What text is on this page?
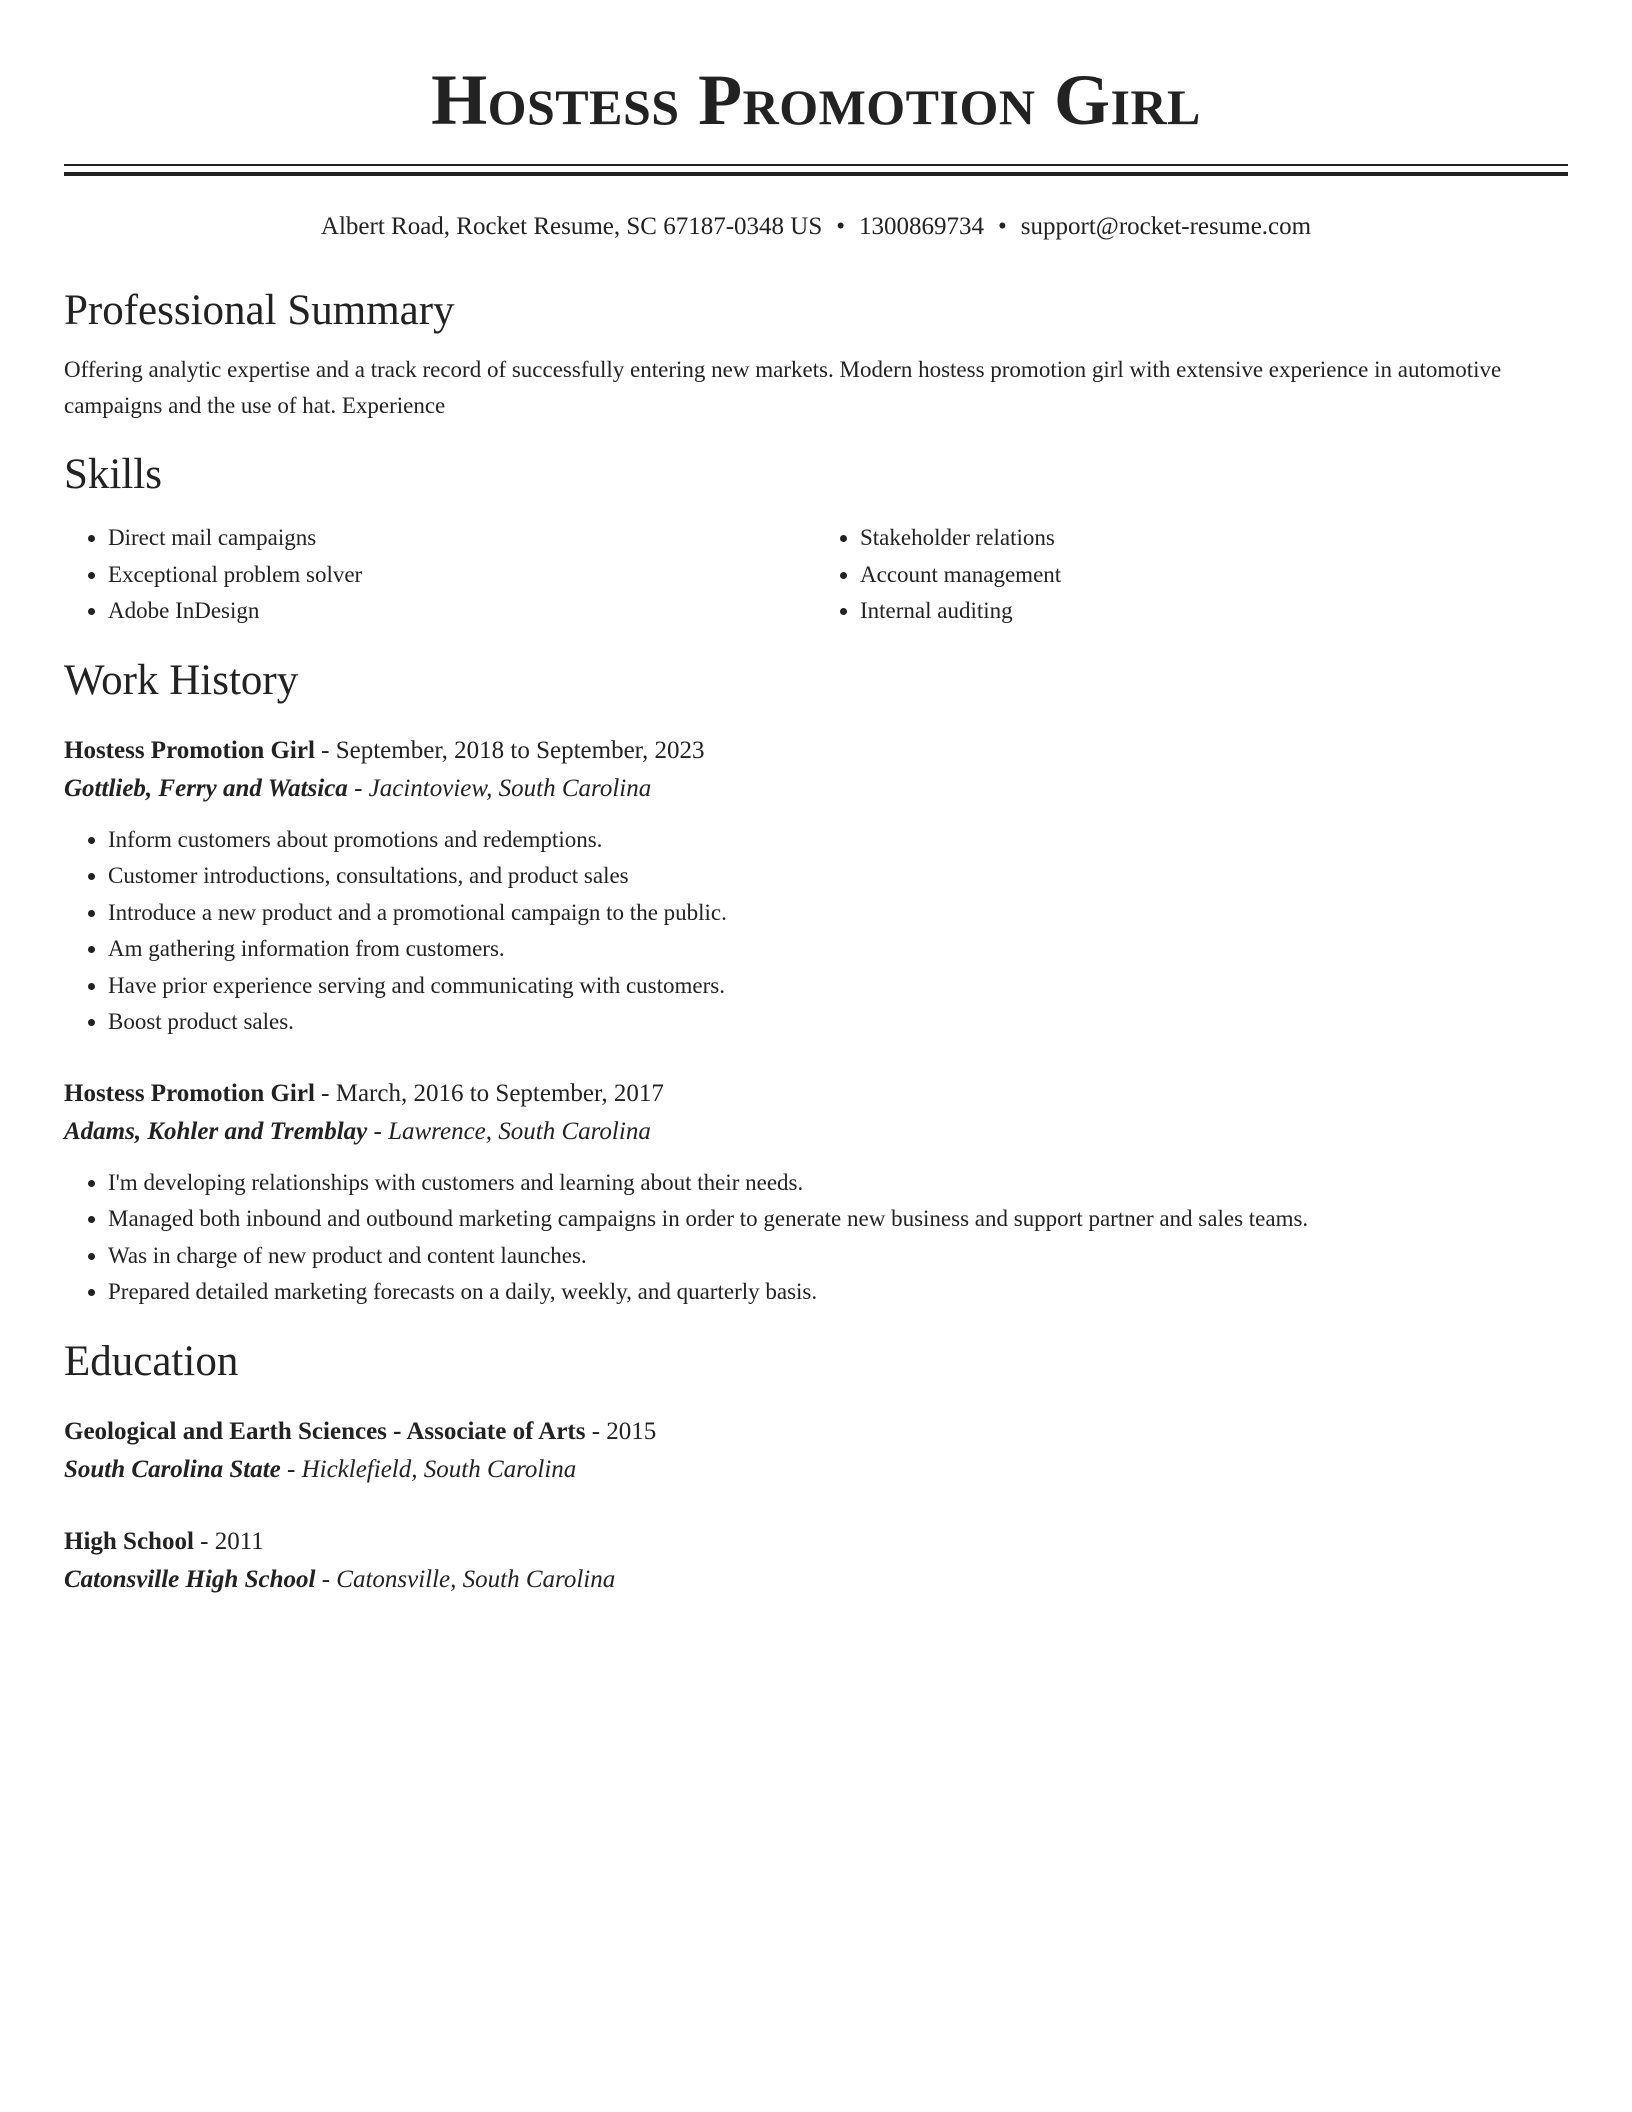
Hostess Promotion Girl
Albert Road, Rocket Resume, SC 67187-0348 US • 1300869734 • support@rocket-resume.com
Professional Summary
Offering analytic expertise and a track record of successfully entering new markets. Modern hostess promotion girl with extensive experience in automotive campaigns and the use of hat. Experience
Skills
• Direct mail campaigns
• Exceptional problem solver
• Adobe InDesign
• Stakeholder relations
• Account management
• Internal auditing
Work History
Hostess Promotion Girl - September, 2018 to September, 2023
Gottlieb, Ferry and Watsica - Jacintoview, South Carolina
• Inform customers about promotions and redemptions.
• Customer introductions, consultations, and product sales
• Introduce a new product and a promotional campaign to the public.
• Am gathering information from customers.
• Have prior experience serving and communicating with customers.
• Boost product sales.
Hostess Promotion Girl - March, 2016 to September, 2017
Adams, Kohler and Tremblay - Lawrence, South Carolina
• I'm developing relationships with customers and learning about their needs.
• Managed both inbound and outbound marketing campaigns in order to generate new business and support partner and sales teams.
• Was in charge of new product and content launches.
• Prepared detailed marketing forecasts on a daily, weekly, and quarterly basis.
Education
Geological and Earth Sciences - Associate of Arts - 2015
South Carolina State - Hicklefield, South Carolina
High School - 2011
Catonsville High School - Catonsville, South Carolina
